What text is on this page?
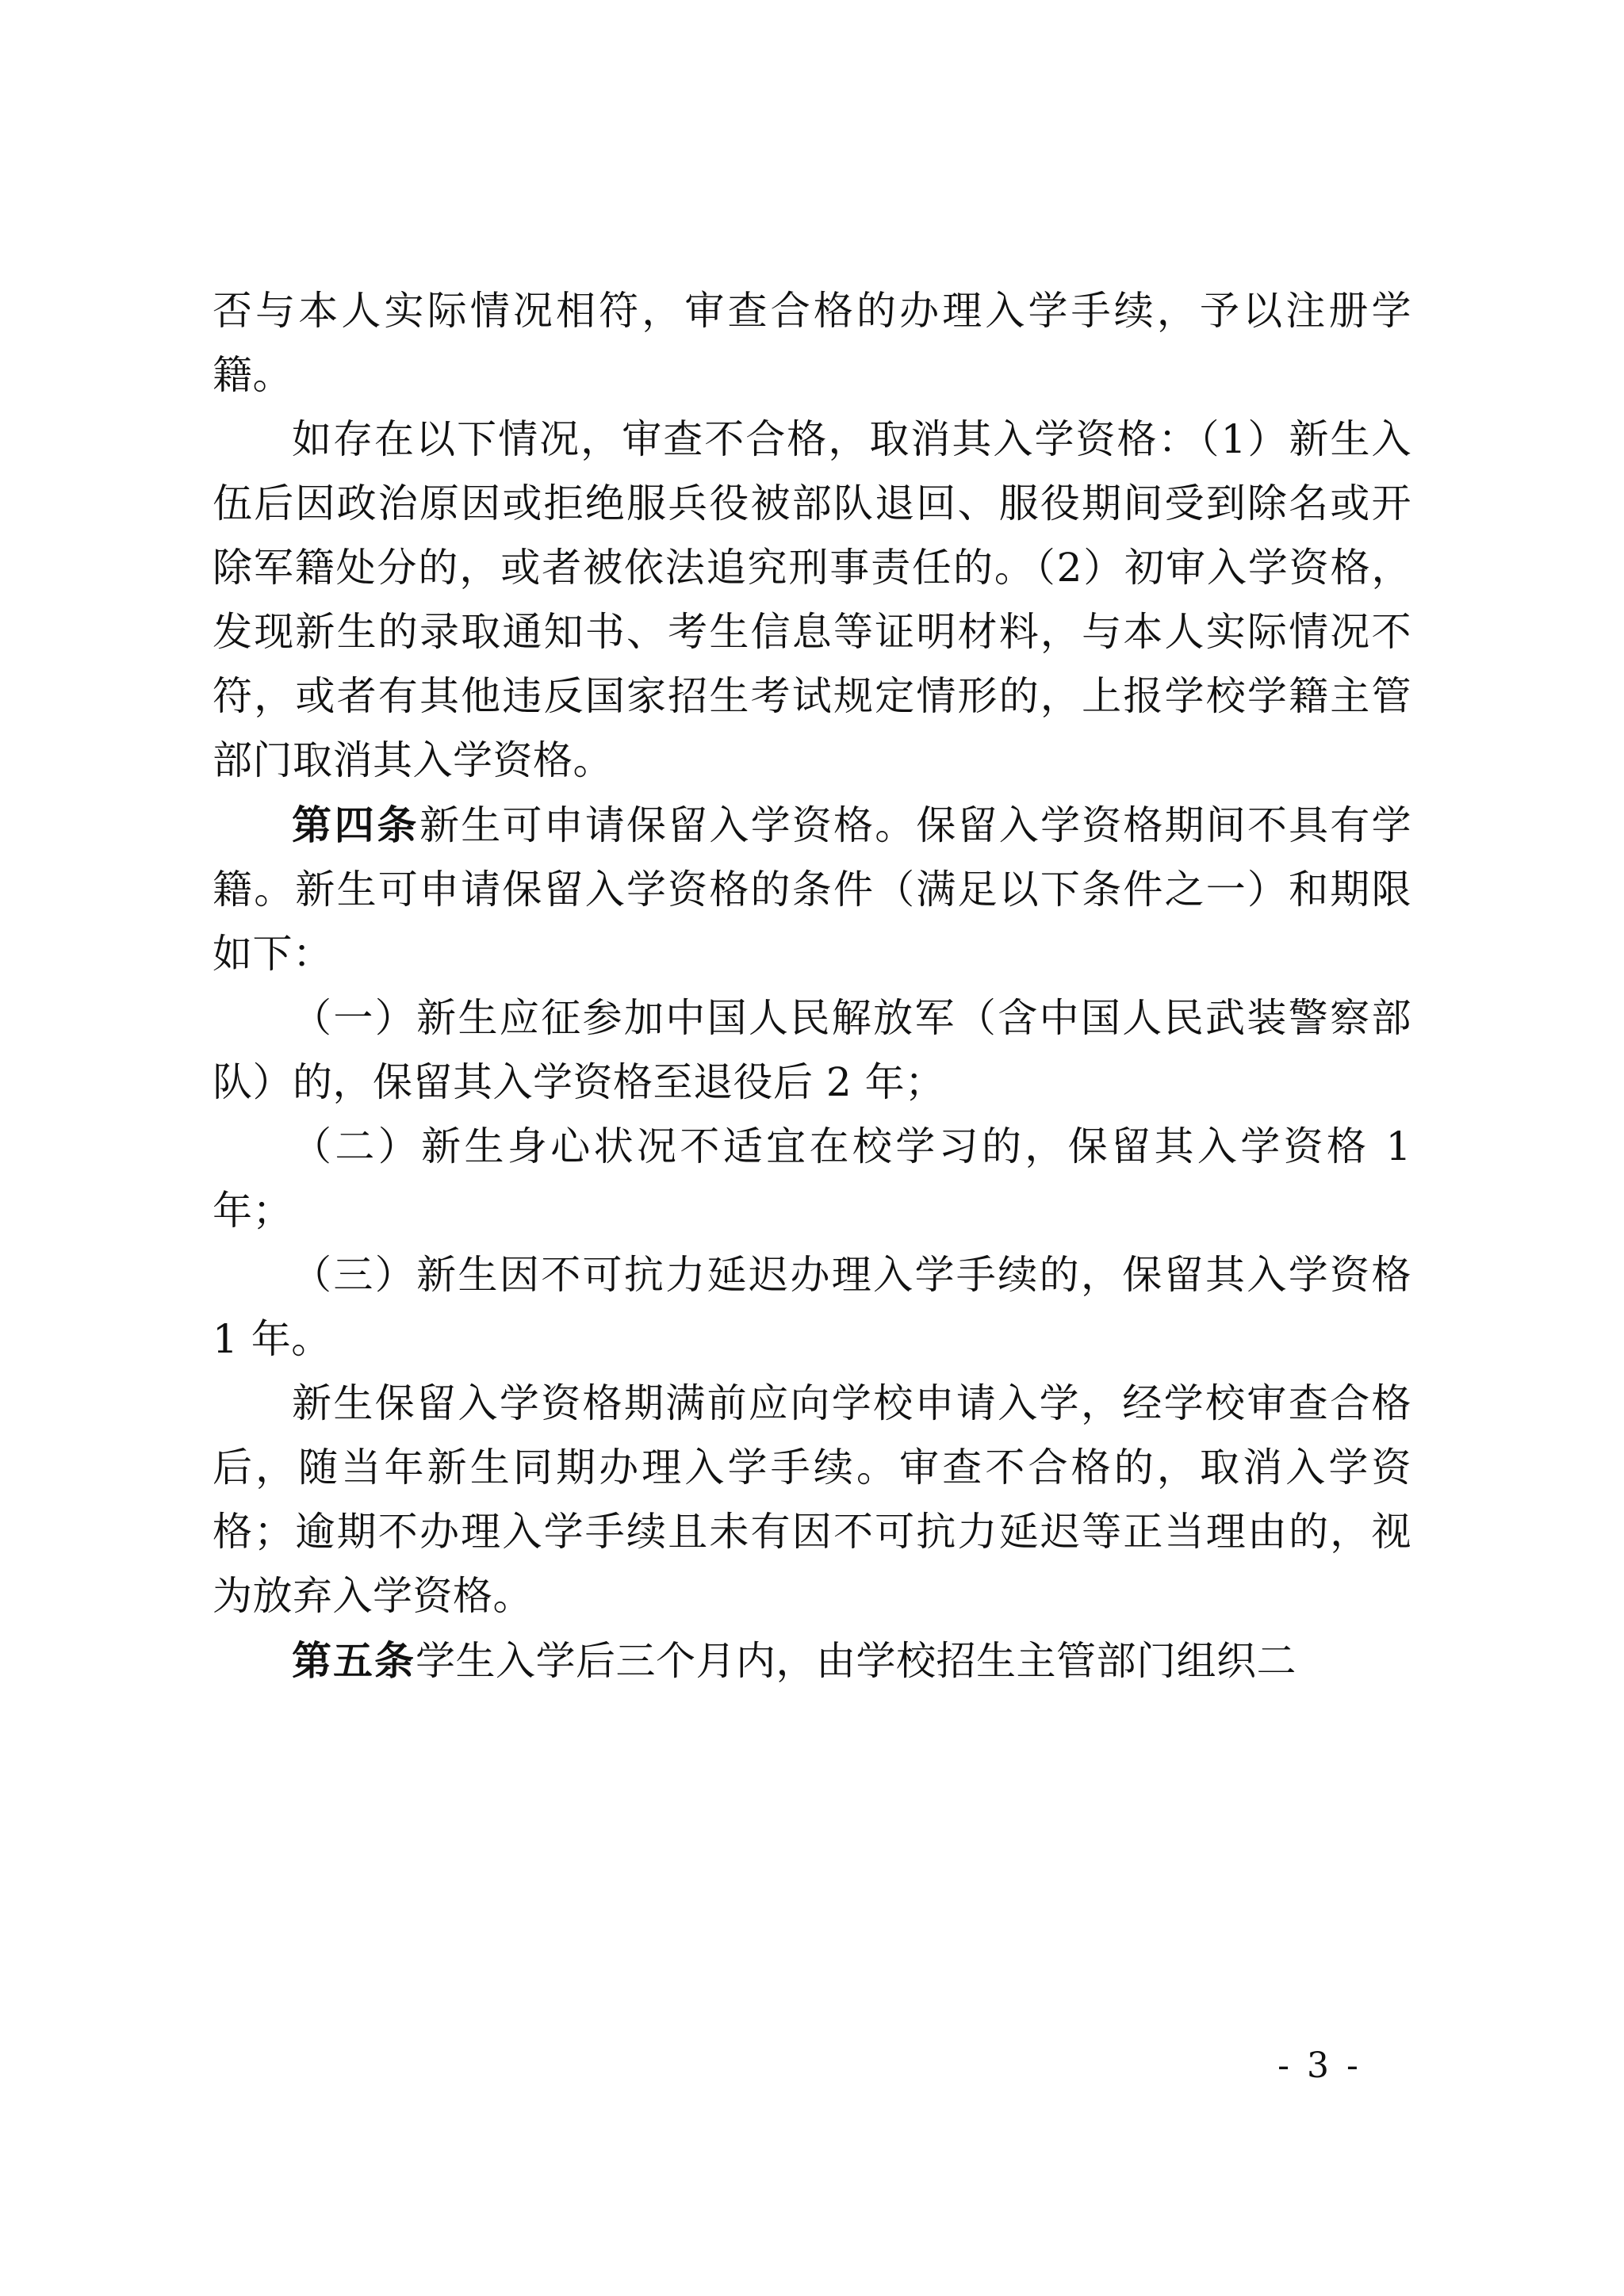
否与本人实际情况相符，审查合格的办理入学手续，予以注册学籍。

如存在以下情况，审查不合格，取消其入学资格：（1）新生入伍后因政治原因或拒绝服兵役被部队退回、服役期间受到除名或开除军籍处分的，或者被依法追究刑事责任的。（2）初审入学资格，发现新生的录取通知书、考生信息等证明材料，与本人实际情况不符，或者有其他违反国家招生考试规定情形的，上报学校学籍主管部门取消其入学资格。

第四条新生可申请保留入学资格。保留入学资格期间不具有学籍。新生可申请保留入学资格的条件（满足以下条件之一）和期限如下：

（一）新生应征参加中国人民解放军（含中国人民武装警察部队）的，保留其入学资格至退役后 2 年；

（二）新生身心状况不适宜在校学习的，保留其入学资格 1 年；

（三）新生因不可抗力延迟办理入学手续的，保留其入学资格 1 年。

新生保留入学资格期满前应向学校申请入学，经学校审查合格后，随当年新生同期办理入学手续。审查不合格的，取消入学资格；逾期不办理入学手续且未有因不可抗力延迟等正当理由的，视为放弃入学资格。

第五条学生入学后三个月内，由学校招生主管部门组织二

- 3 -
